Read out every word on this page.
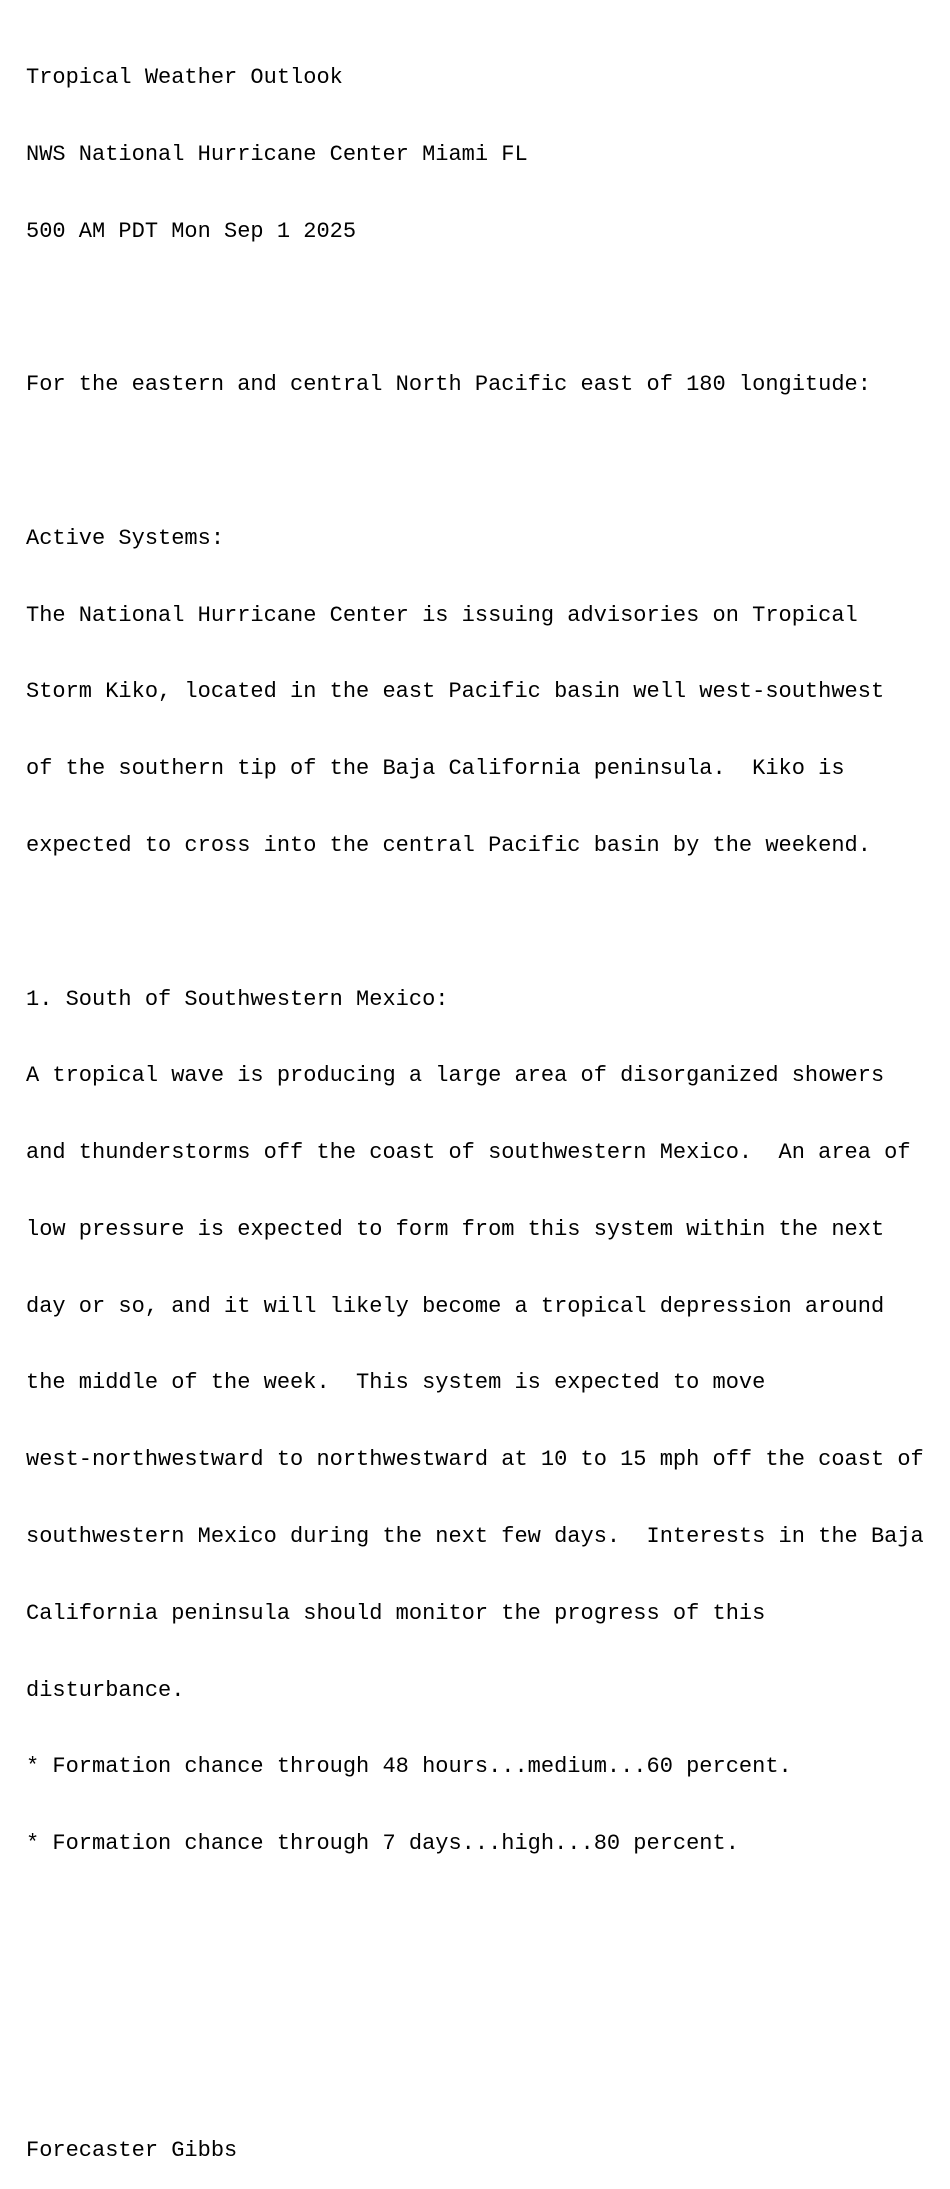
Tropical Weather Outlook

NWS National Hurricane Center Miami FL

500 AM PDT Mon Sep 1 2025

For the eastern and central North Pacific east of 180 longitude:

Active Systems:

The National Hurricane Center is issuing advisories on Tropical

Storm Kiko, located in the east Pacific basin well west-southwest

of the southern tip of the Baja California peninsula.  Kiko is

expected to cross into the central Pacific basin by the weekend.

1. South of Southwestern Mexico:

A tropical wave is producing a large area of disorganized showers

and thunderstorms off the coast of southwestern Mexico.  An area of

low pressure is expected to form from this system within the next

day or so, and it will likely become a tropical depression around

the middle of the week.  This system is expected to move

west-northwestward to northwestward at 10 to 15 mph off the coast of

southwestern Mexico during the next few days.  Interests in the Baja

California peninsula should monitor the progress of this

disturbance.

* Formation chance through 48 hours...medium...60 percent.

* Formation chance through 7 days...high...80 percent.

Forecaster Gibbs
